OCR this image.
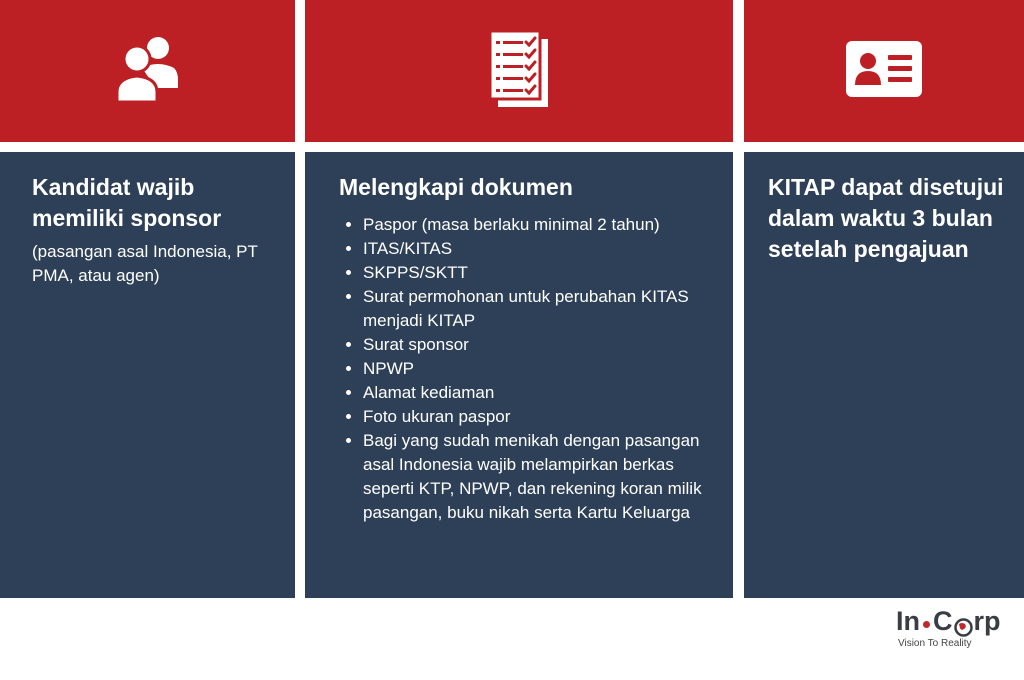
Kandidat wajib memiliki sponsor
(pasangan asal Indonesia, PT PMA, atau agen)
Melengkapi dokumen
• Paspor (masa berlaku minimal 2 tahun)
• ITAS/KITAS
• SKPPS/SKTT
• Surat permohonan untuk perubahan KITAS menjadi KITAP
• Surat sponsor
• NPWP
• Alamat kediaman
• Foto ukuran paspor
• Bagi yang sudah menikah dengan pasangan asal Indonesia wajib melampirkan berkas seperti KTP, NPWP, dan rekening koran milik pasangan, buku nikah serta Kartu Keluarga
KITAP dapat disetujui dalam waktu 3 bulan setelah pengajuan
In C rp
Vision To Reality
